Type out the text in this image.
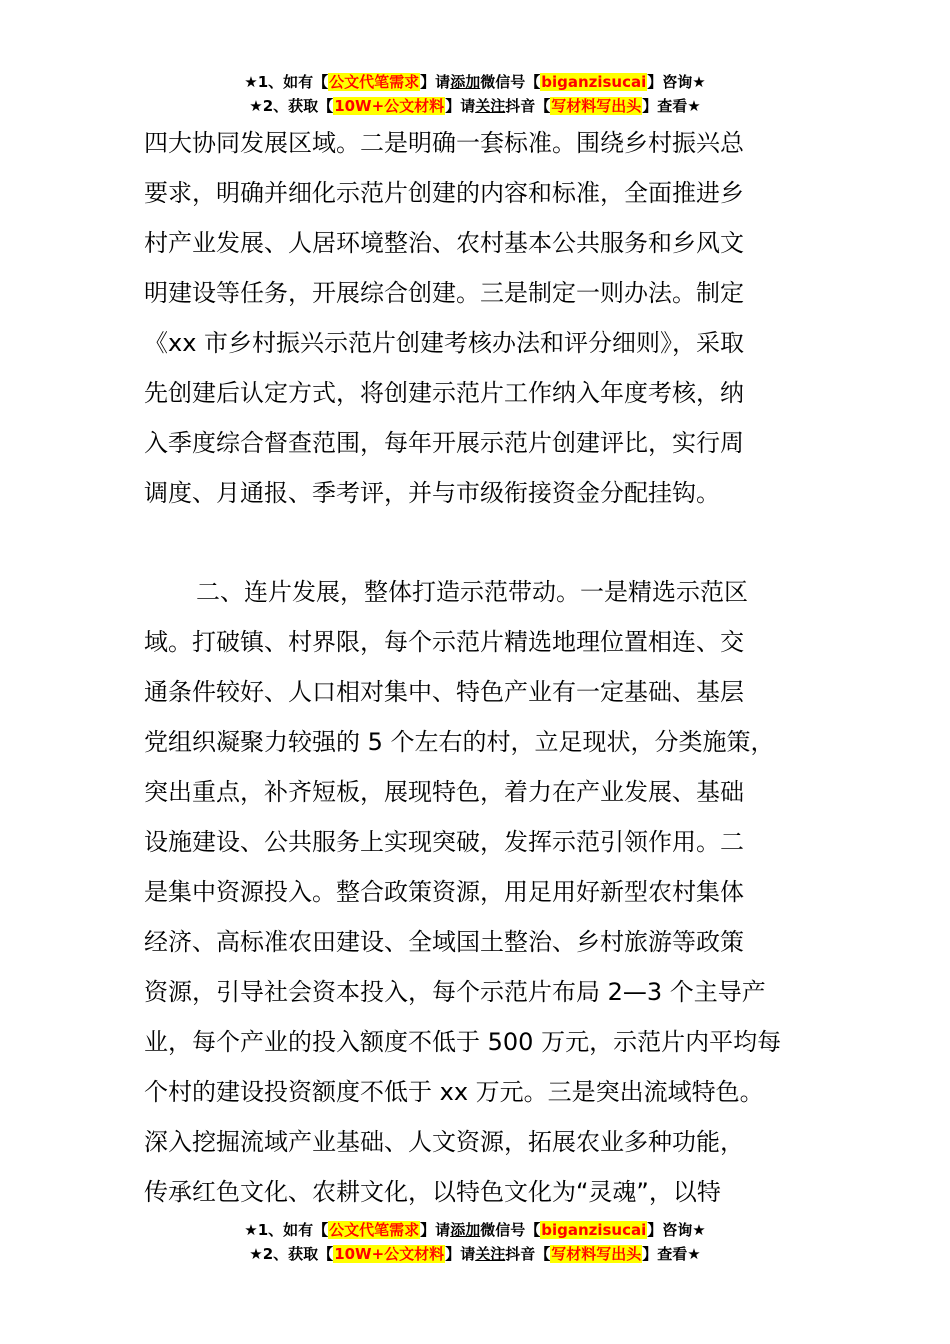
★1、如有【公文代笔需求】请添加微信号【biganzisucai】咨询★
★2、获取【10W+公文材料】请关注抖音【写材料写出头】查看★
四大协同发展区域。二是明确一套标准。围绕乡村振兴总
要求，明确并细化示范片创建的内容和标准，全面推进乡
村产业发展、人居环境整治、农村基本公共服务和乡风文
明建设等任务，开展综合创建。三是制定一则办法。制定
《xx 市乡村振兴示范片创建考核办法和评分细则》，采取
先创建后认定方式，将创建示范片工作纳入年度考核，纳
入季度综合督查范围，每年开展示范片创建评比，实行周
调度、月通报、季考评，并与市级衔接资金分配挂钩。
二、连片发展，整体打造示范带动。一是精选示范区
域。打破镇、村界限，每个示范片精选地理位置相连、交
通条件较好、人口相对集中、特色产业有一定基础、基层
党组织凝聚力较强的 5 个左右的村，立足现状，分类施策，
突出重点，补齐短板，展现特色，着力在产业发展、基础
设施建设、公共服务上实现突破，发挥示范引领作用。二
是集中资源投入。整合政策资源，用足用好新型农村集体
经济、高标准农田建设、全域国土整治、乡村旅游等政策
资源，引导社会资本投入，每个示范片布局 2—3 个主导产
业，每个产业的投入额度不低于 500 万元，示范片内平均每
个村的建设投资额度不低于 xx 万元。三是突出流域特色。
深入挖掘流域产业基础、人文资源，拓展农业多种功能，
传承红色文化、农耕文化，以特色文化为“灵魂”，以特
★1、如有【公文代笔需求】请添加微信号【biganzisucai】咨询★
★2、获取【10W+公文材料】请关注抖音【写材料写出头】查看★
